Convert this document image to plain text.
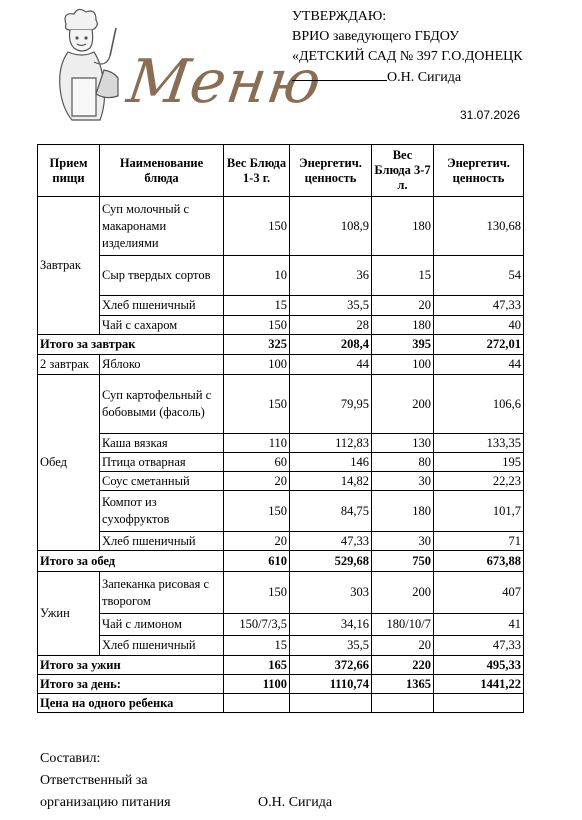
Меню
УТВЕРЖДАЮ:
ВРИО заведующего ГБДОУ
«ДЕТСКИЙ САД № 397 Г.О.ДОНЕЦК
О.Н. Сигида
31.07.2026
Прием пищи	Наименование блюда	Вес Блюда 1-3 г.	Энергетич. ценность	Вес Блюда 3-7 л.	Энергетич. ценность
Завтрак	Суп молочный с макаронами изделиями	150	108,9	180	130,68
	Сыр твердых сортов	10	36	15	54
	Хлеб пшеничный	15	35,5	20	47,33
	Чай с сахаром	150	28	180	40
Итого за завтрак		325	208,4	395	272,01
2 завтрак	Яблоко	100	44	100	44
Обед	Суп картофельный с бобовыми (фасоль)	150	79,95	200	106,6
	Каша вязкая	110	112,83	130	133,35
	Птица отварная	60	146	80	195
	Соус сметанный	20	14,82	30	22,23
	Компот из сухофруктов	150	84,75	180	101,7
	Хлеб пшеничный	20	47,33	30	71
Итого за обед		610	529,68	750	673,88
Ужин	Запеканка рисовая с творогом	150	303	200	407
	Чай с лимоном	150/7/3,5	34,16	180/10/7	41
	Хлеб пшеничный	15	35,5	20	47,33
Итого за ужин		165	372,66	220	495,33
Итого за день:		1100	1110,74	1365	1441,22
Цена на одного ребенка					
Составил:
Ответственный за
организацию питания	О.Н. Сигида
